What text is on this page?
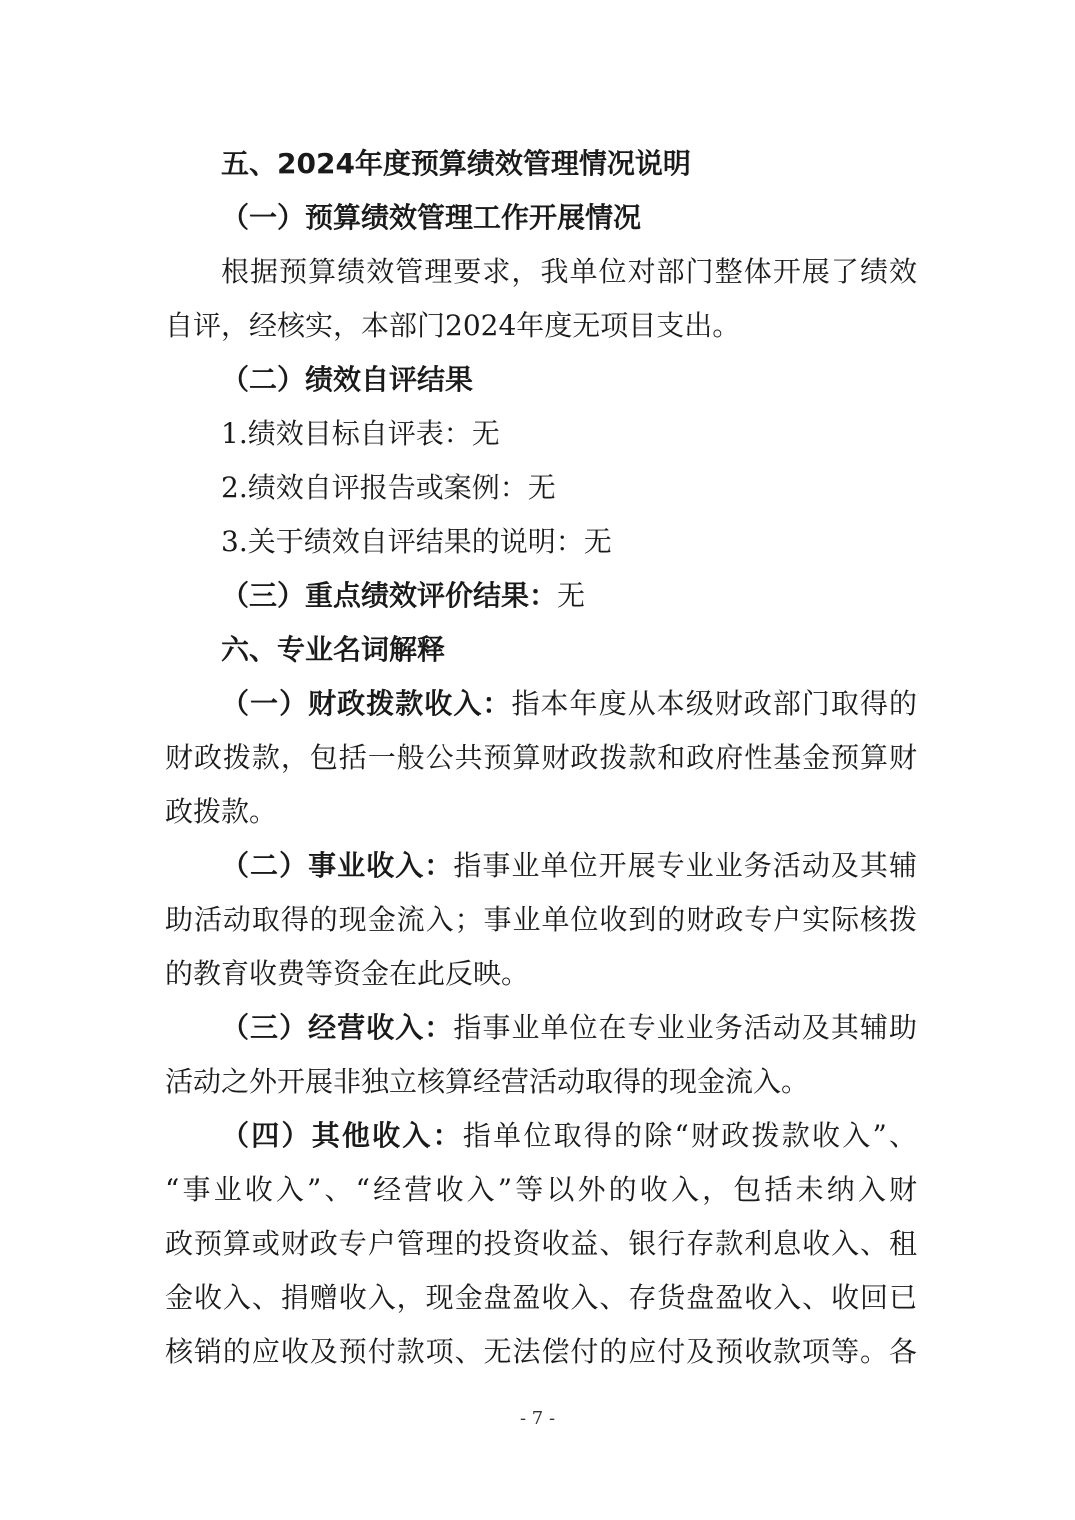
五、2024年度预算绩效管理情况说明
（一）预算绩效管理工作开展情况
根据预算绩效管理要求，我单位对部门整体开展了绩效
自评，经核实，本部门2024年度无项目支出。
（二）绩效自评结果
1.绩效目标自评表：无
2.绩效自评报告或案例：无
3.关于绩效自评结果的说明：无
（三）重点绩效评价结果：无
六、专业名词解释
（一）财政拨款收入：指本年度从本级财政部门取得的
财政拨款，包括一般公共预算财政拨款和政府性基金预算财
政拨款。
（二）事业收入：指事业单位开展专业业务活动及其辅
助活动取得的现金流入；事业单位收到的财政专户实际核拨
的教育收费等资金在此反映。
（三）经营收入：指事业单位在专业业务活动及其辅助
活动之外开展非独立核算经营活动取得的现金流入。
（四）其他收入：指单位取得的除“财政拨款收入”、
“事业收入”、“经营收入”等以外的收入，包括未纳入财
政预算或财政专户管理的投资收益、银行存款利息收入、租
金收入、捐赠收入，现金盘盈收入、存货盘盈收入、收回已
核销的应收及预付款项、无法偿付的应付及预收款项等。各
- 7 -
